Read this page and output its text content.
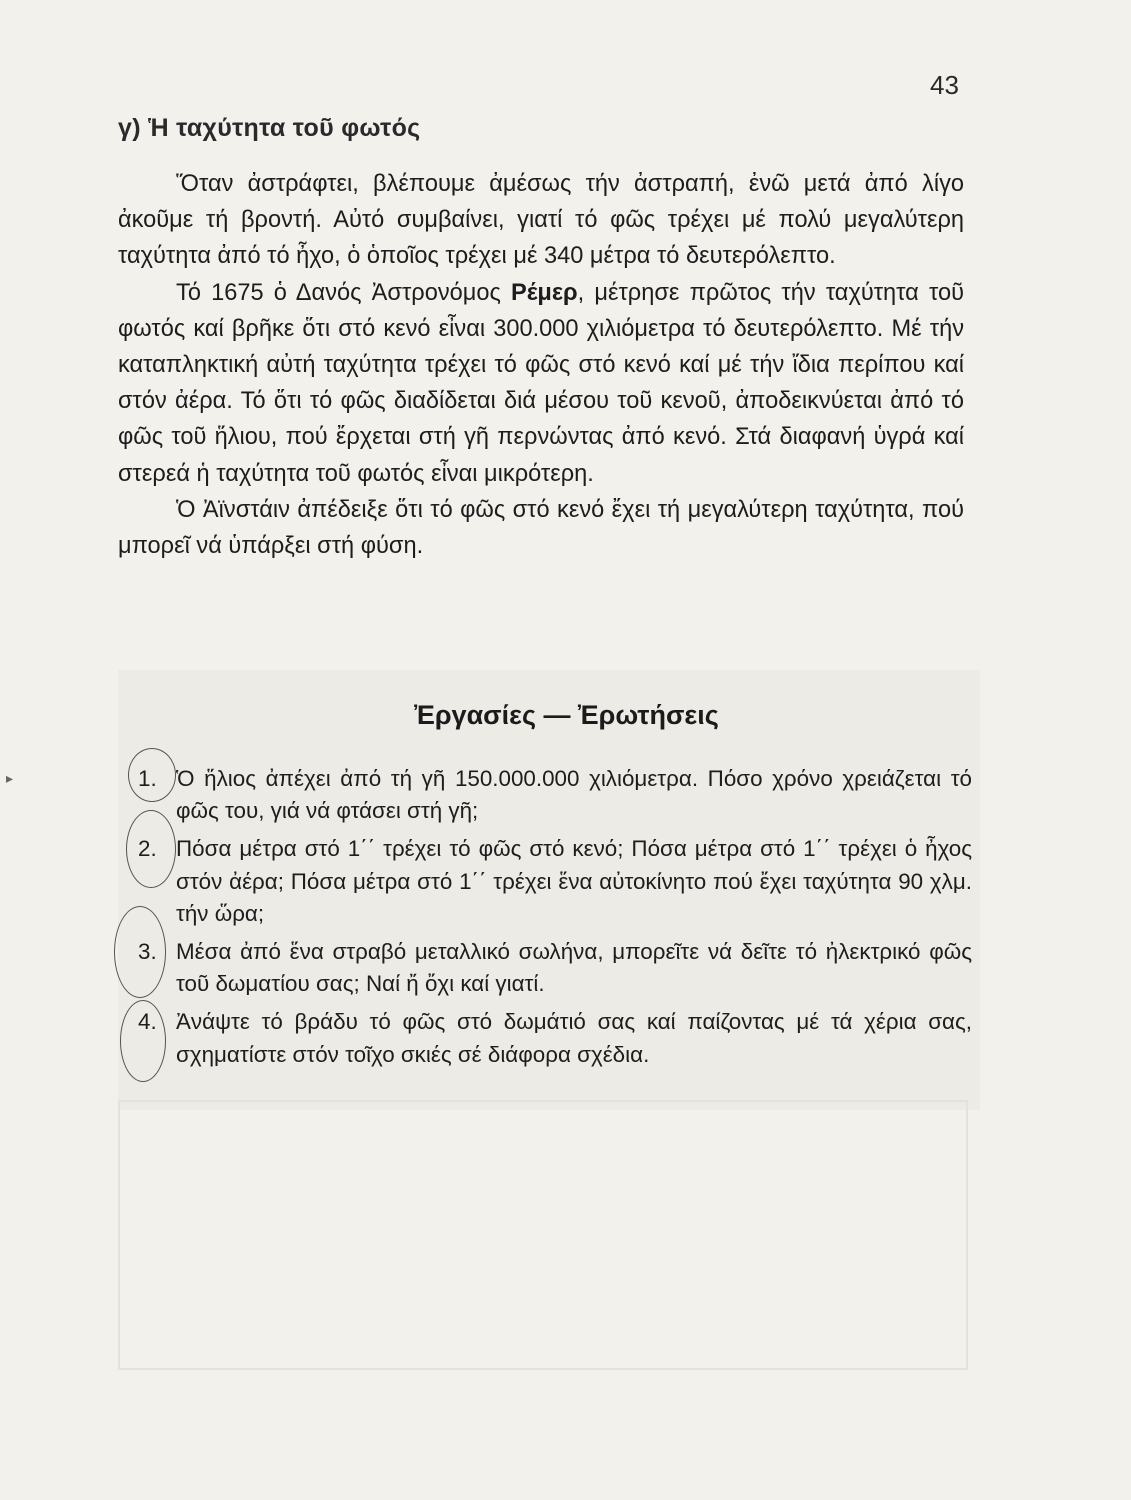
43
γ) Ἡ ταχύτητα τοῦ φωτός

Ὅταν ἀστράφτει, βλέπουμε ἀμέσως τήν ἀστραπή, ἐνῶ μετά ἀπό λίγο ἀκοῦμε τή βροντή. Αὐτό συμβαίνει, γιατί τό φῶς τρέχει μέ πολύ μεγαλύτερη ταχύτητα ἀπό τό ἦχο, ὁ ὁποῖος τρέχει μέ 340 μέτρα τό δευτερόλεπτο.

Τό 1675 ὁ Δανός Ἀστρονόμος Ρέμερ, μέτρησε πρῶτος τήν ταχύτητα τοῦ φωτός καί βρῆκε ὅτι στό κενό εἶναι 300.000 χιλιόμετρα τό δευτερόλεπτο. Μέ τήν καταπληκτική αὐτή ταχύτητα τρέχει τό φῶς στό κενό καί μέ τήν ἴδια περίπου καί στόν ἀέρα. Τό ὅτι τό φῶς διαδίδεται διά μέσου τοῦ κενοῦ, ἀποδεικνύεται ἀπό τό φῶς τοῦ ἥλιου, πού ἔρχεται στή γῆ περνώντας ἀπό κενό. Στά διαφανή ὑγρά καί στερεά ἡ ταχύτητα τοῦ φωτός εἶναι μικρότερη.

Ὁ Ἀϊνστάιν ἀπέδειξε ὅτι τό φῶς στό κενό ἔχει τή μεγαλύτερη ταχύτητα, πού μπορεῖ νά ὑπάρξει στή φύση.

Ἐργασίες — Ἐρωτήσεις
1. Ὁ ἥλιος ἀπέχει ἀπό τή γῆ 150.000.000 χιλιόμετρα. Πόσο χρόνο χρειάζεται τό φῶς του, γιά νά φτάσει στή γῆ;
2. Πόσα μέτρα στό 1΄΄ τρέχει τό φῶς στό κενό; Πόσα μέτρα στό 1΄΄ τρέχει ὁ ἦχος στόν ἀέρα; Πόσα μέτρα στό 1΄΄ τρέχει ἕνα αὐτοκίνητο πού ἔχει ταχύτητα 90 χλμ. τήν ὥρα;
3. Μέσα ἀπό ἕνα στραβό μεταλλικό σωλήνα, μπορεῖτε νά δεῖτε τό ἠλεκτρικό φῶς τοῦ δωματίου σας; Ναί ἤ ὄχι καί γιατί.
4. Ἀνάψτε τό βράδυ τό φῶς στό δωμάτιό σας καί παίζοντας μέ τά χέρια σας, σχηματίστε στόν τοῖχο σκιές σέ διάφορα σχέδια.
▸
